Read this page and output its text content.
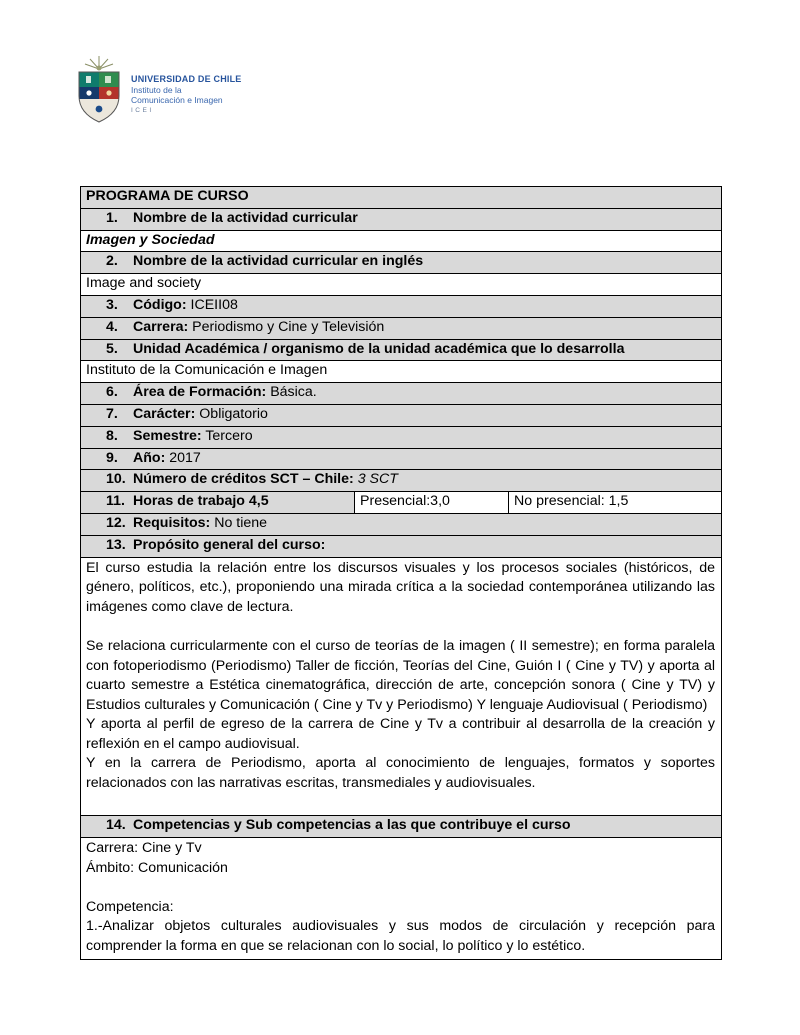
UNIVERSIDAD DE CHILE
Instituto de la
Comunicación e Imagen
ICEI
PROGRAMA DE CURSO
1. Nombre de la actividad curricular
Imagen y Sociedad
2. Nombre de la actividad curricular en inglés
Image and society
3. Código: ICEII08
4. Carrera: Periodismo y Cine y Televisión
5. Unidad Académica / organismo de la unidad académica que lo desarrolla
Instituto de la Comunicación e Imagen
6. Área de Formación: Básica.
7. Carácter: Obligatorio
8. Semestre: Tercero
9. Año: 2017
10. Número de créditos SCT – Chile: 3 SCT
11. Horas de trabajo 4,5	Presencial:3,0	No presencial: 1,5
12. Requisitos: No tiene
13. Propósito general del curso:

El curso estudia la relación entre los discursos visuales y los procesos sociales (históricos, de género, políticos, etc.), proponiendo una mirada crítica a la sociedad contemporánea utilizando las imágenes como clave de lectura.

Se relaciona curricularmente con el curso de teorías de la imagen ( II semestre); en forma paralela con fotoperiodismo (Periodismo) Taller de ficción, Teorías del Cine, Guión I ( Cine y TV) y aporta al cuarto semestre a Estética cinematográfica, dirección de arte, concepción sonora ( Cine y TV) y Estudios culturales y Comunicación ( Cine y Tv y Periodismo) Y lenguaje Audiovisual ( Periodismo)

Y aporta al perfil de egreso de la carrera de Cine y Tv a contribuir al desarrolla de la creación y reflexión en el campo audiovisual.

Y en la carrera de Periodismo, aporta al conocimiento de lenguajes, formatos y soportes relacionados con las narrativas escritas, transmediales y audiovisuales.

14. Competencias y Sub competencias a las que contribuye el curso

Carrera: Cine y Tv

Ámbito: Comunicación

Competencia:

1.-Analizar objetos culturales audiovisuales y sus modos de circulación y recepción para comprender la forma en que se relacionan con lo social, lo político y lo estético.
